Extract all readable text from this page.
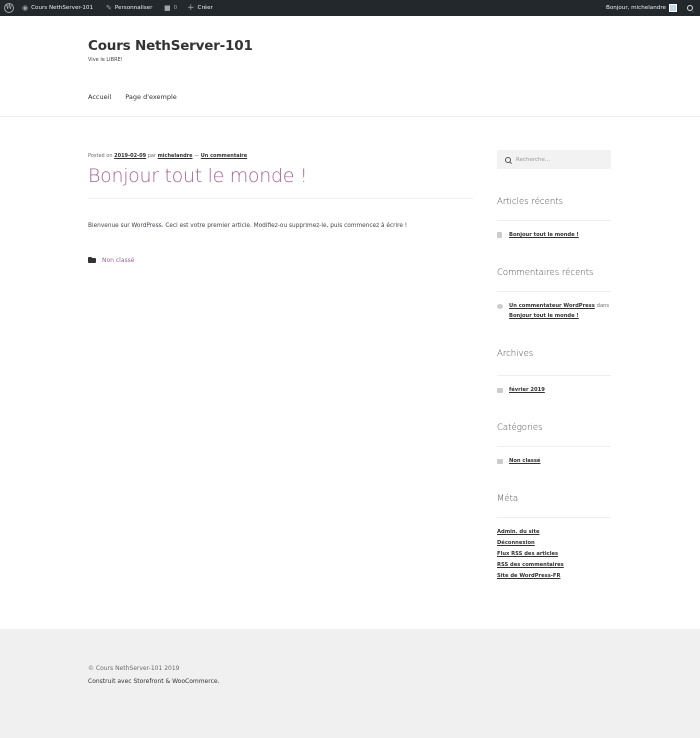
W ◉ Cours NethServer-101 ✎ Personnaliser ■ 0 + Créer	Bonjour, michelandre
Cours NethServer-101
Vive le LIBRE!
Accueil Page d'exemple
Posted on 2019-02-09 par michelandre — Un commentaire
Bonjour tout le monde !
Bienvenue sur WordPress. Ceci est votre premier article. Modifiez-ou supprimez-le, puis commencez à écrire !
Non classé
Recherche…
Articles récents
Bonjour tout le monde !
Commentaires récents
Un commentateur WordPress dans
Bonjour tout le monde !
Archives
février 2019
Catégories
Non classé
Méta
Admin. du site
Déconnexion
Flux RSS des articles
RSS des commentaires
Site de WordPress-FR
© Cours NethServer-101 2019
Construit avec Storefront & WooCommerce.
